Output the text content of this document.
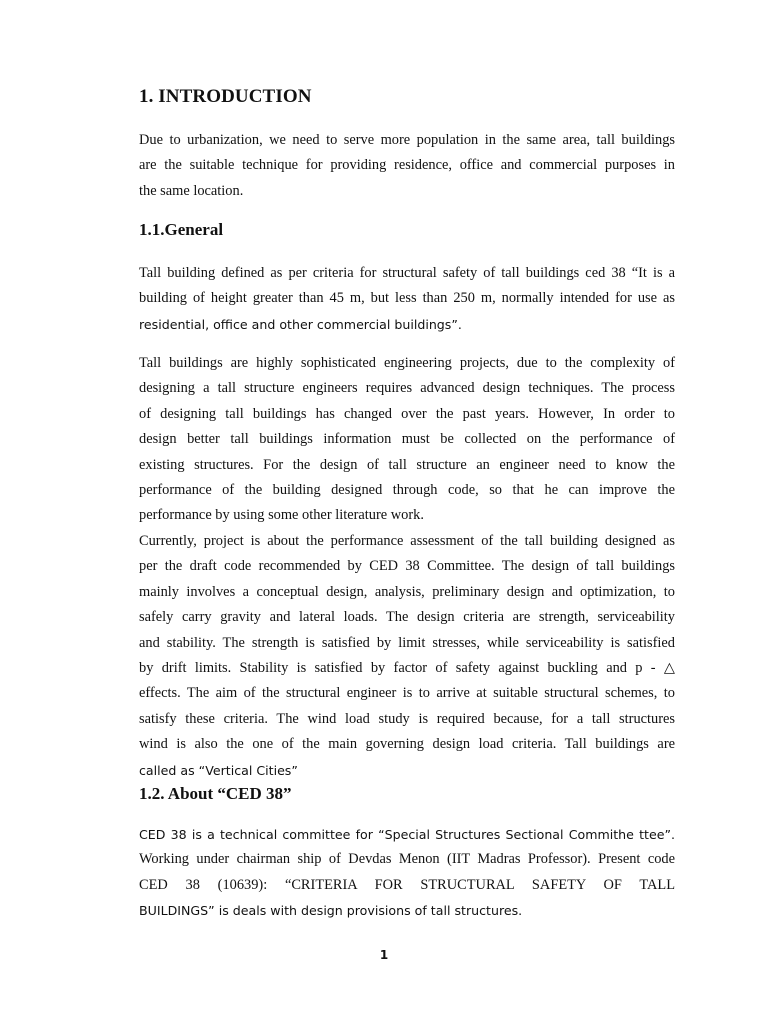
1. INTRODUCTION

Due to urbanization, we need to serve more population in the same area, tall buildings
are the suitable technique for providing residence, office and commercial purposes in
the same location.

1.1.General

Tall building defined as per criteria for structural safety of tall buildings ced 38 “It is a
building of height greater than 45 m, but less than 250 m, normally intended for use as
residential, office and other commercial buildings”.

Tall buildings are highly sophisticated engineering projects, due to the complexity of
designing a tall structure engineers requires advanced design techniques. The process
of designing tall buildings has changed over the past years. However, In order to
design better tall buildings information must be collected on the performance of
existing structures. For the design of tall structure an engineer need to know the
performance of the building designed through code, so that he can improve the
performance by using some other literature work.

Currently, project is about the performance assessment of the tall building designed as
per the draft code recommended by CED 38 Committee. The design of tall buildings
mainly involves a conceptual design, analysis, preliminary design and optimization, to
safely carry gravity and lateral loads. The design criteria are strength, serviceability
and stability. The strength is satisfied by limit stresses, while serviceability is satisfied
by drift limits. Stability is satisfied by factor of safety against buckling and p - △
effects. The aim of the structural engineer is to arrive at suitable structural schemes, to
satisfy these criteria. The wind load study is required because, for a tall structures
wind is also the one of the main governing design load criteria. Tall buildings are
called as “Vertical Cities”

1.2. About “CED 38”

CED 38 is a technical committee for “Special Structures Sectional Commithe ttee”.
Working under chairman ship of Devdas Menon (IIT Madras Professor). Present code
CED 38 (10639): “CRITERIA FOR STRUCTURAL SAFETY OF TALL
BUILDINGS” is deals with design provisions of tall structures.

1
